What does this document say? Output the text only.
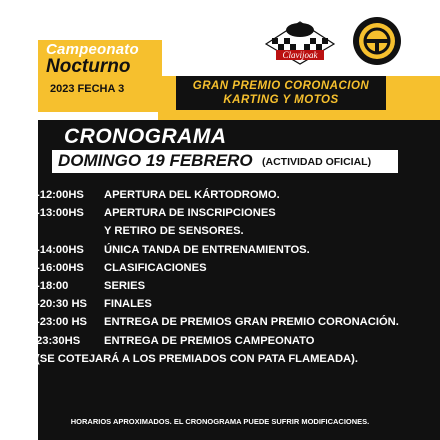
Campeonato
Nocturno
2023 FECHA 3	GRAN PREMIO CORONACION
KARTING Y MOTOS
Clavijoak
CRONOGRAMA
DOMINGO 19 FEBRERO (ACTIVIDAD OFICIAL)
-12:00HS APERTURA DEL KÁRTODROMO.
-13:00HS APERTURA DE INSCRIPCIONES
Y RETIRO DE SENSORES.
-14:00HS ÚNICA TANDA DE ENTRENAMIENTOS.
-16:00HS CLASIFICACIONES
-18:00	SERIES
-20:30 HS FINALES
-23:00 HS ENTREGA DE PREMIOS GRAN PREMIO CORONACIÓN.
23:30HS ENTREGA DE PREMIOS CAMPEONATO
(SE COTEJARÁ A LOS PREMIADOS CON PATA FLAMEADA).
HORARIOS APROXIMADOS. EL CRONOGRAMA PUEDE SUFRIR MODIFICACIONES.
